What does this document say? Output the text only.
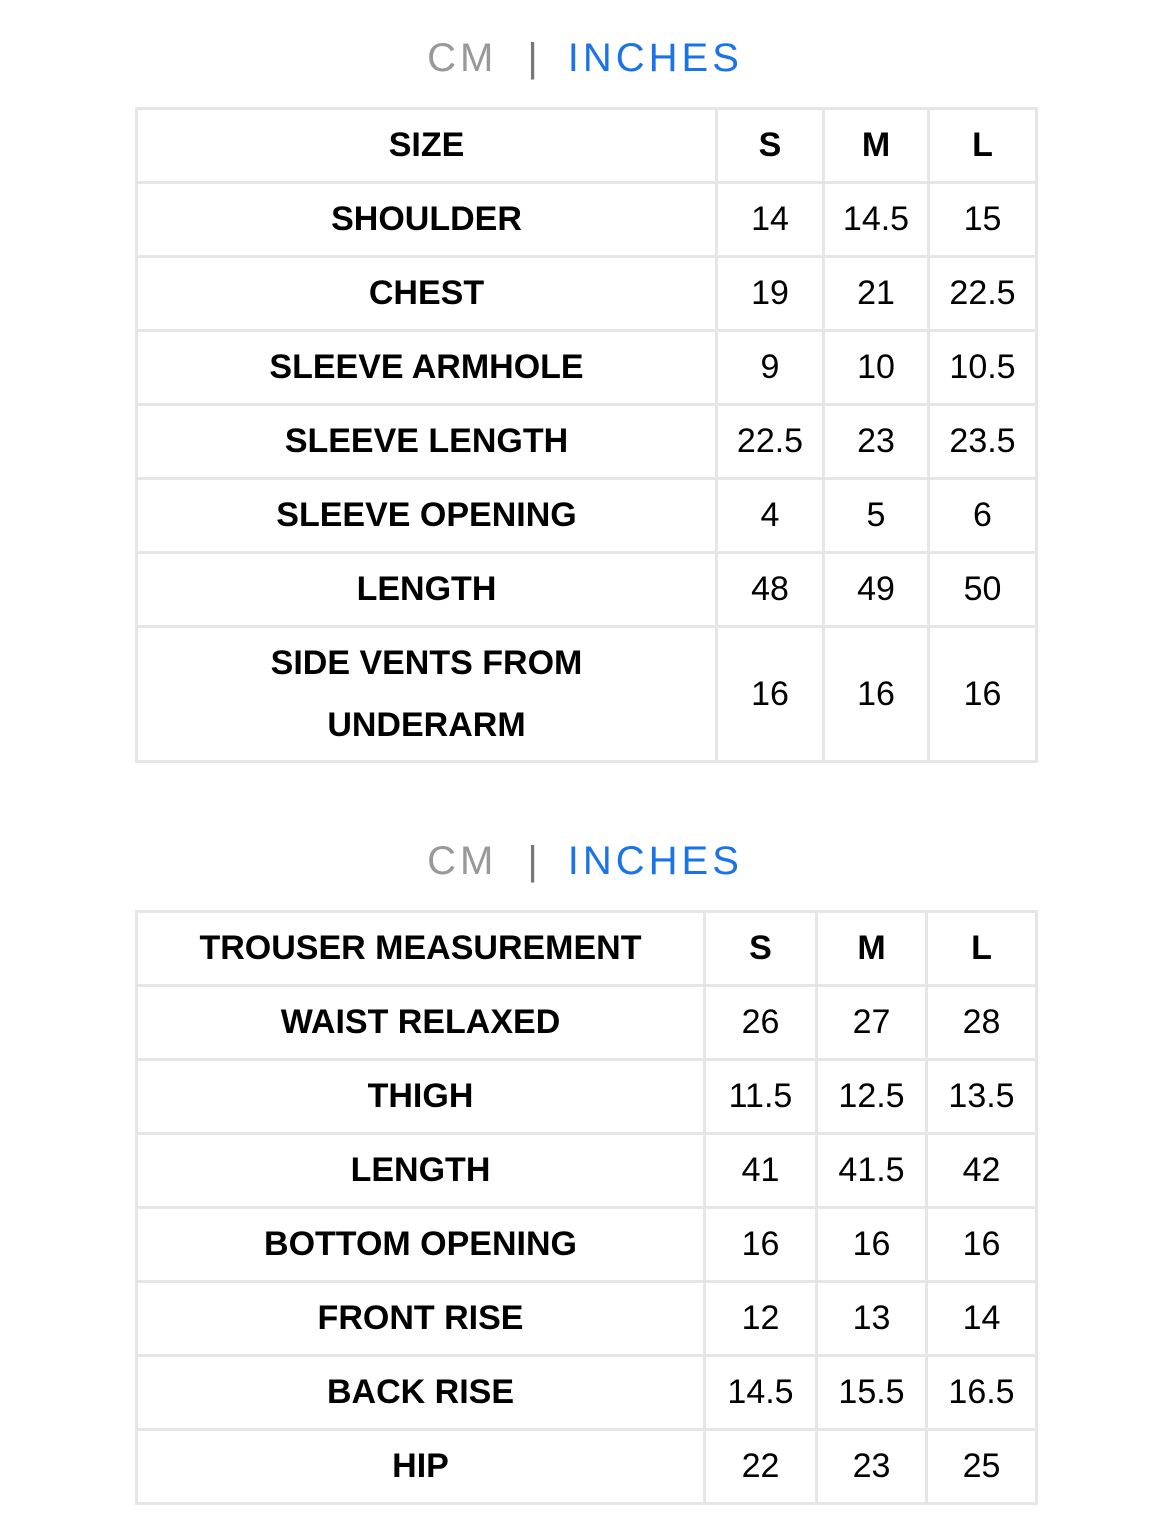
CM | INCHES
SIZE	S	M	L
SHOULDER	14	14.5	15
CHEST	19	21	22.5
SLEEVE ARMHOLE	9	10	10.5
SLEEVE LENGTH	22.5	23	23.5
SLEEVE OPENING	4	5	6
LENGTH	48	49	50
SIDE VENTS FROM UNDERARM	16	16	16
CM | INCHES
TROUSER MEASUREMENT	S	M	L
WAIST RELAXED	26	27	28
THIGH	11.5	12.5	13.5
LENGTH	41	41.5	42
BOTTOM OPENING	16	16	16
FRONT RISE	12	13	14
BACK RISE	14.5	15.5	16.5
HIP	22	23	25
